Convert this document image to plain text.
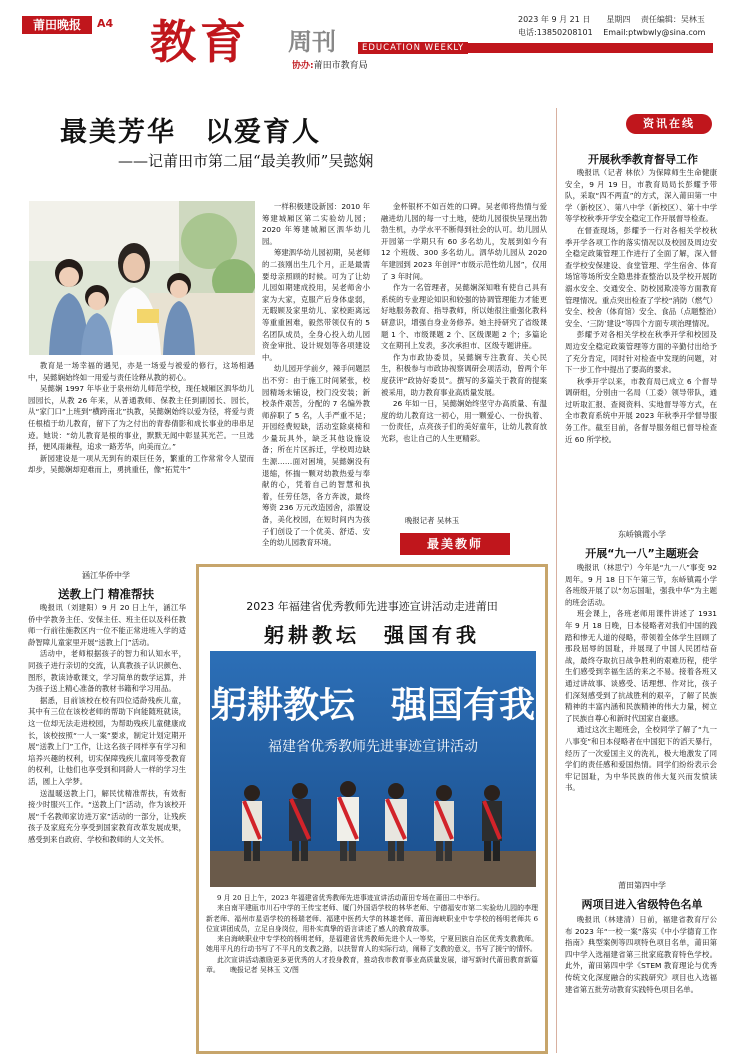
莆田晚报	A4 教育 周刊	EDUCATION WEEKLY
协办:莆田市教育局
2023 年 9 月 21 日　　星期四　 责任编辑：吴林玉
电话:13850208101　 Email:ptwbwly@sina.com
最美芳华　以爱育人
——记莆田市第二届“最美教师”吴懿娴

教育是一场幸福的遇见，亦是一场爱与被爱的修行，这场相遇中，吴懿娴始终如一用爱与责任诠释从教的初心。

吴懿娴 1997 年毕业于泉州幼儿师范学校，现任城厢区泗华幼儿园园长，从教 26 年来，从普通教师、保教主任到副园长、园长，从“家门口”上班到“横跨南北”执教，吴懿娴始终以爱为径，将爱与责任根植于幼儿教育，留下了为之付出的青春倩影和成长事业的串串足迹。她说：“幼儿教育是根的事业，默默无闻中彰显其光芒。一旦选择，便风雨兼程，追求一路芳华，向美而立。”

新园建设是一项从无到有的艰巨任务，繁重的工作常常令人望而却步，吴懿娴却迎难而上，勇挑重任，像“拓荒牛”

一样积极建设新园：2010 年筹建城厢区第二实验幼儿园；2020 年筹建城厢区泗华幼儿园。

筹建泗华幼儿园初期，吴老师的二孩刚出生几个月，正是最需要母亲照顾的时候。可为了让幼儿园如期建成投用，吴老师舍小家为大家，克服产后身体虚弱，无暇顾及家里幼儿、家校距离远等重重困难，毅然带领仅有的 5 名团队成员，全身心投入幼儿园资金审批、设计规划等各项建设中。

幼儿园开学前夕，辣手问题层出不穷：由于施工时间紧张，校园精场未铺设，校门没安装；新校条件艰苦，分配的 7 名编外教师辞职了 5 名，人手严重不足；开园经费短缺，活动室除桌椅和少量玩具外，缺乏其他设施设备；所在片区拆迁，学校周边缺生源……面对困境，吴懿娴没有退缩，怀揣一颗对幼教热爱与奉献的心，凭着自己的智慧和执着，任劳任怨，各方奔波，最终筹资 236 万元改造园舍，添置设备，美化校园，在短时间内为孩子们创设了一个优美、舒适、安全的幼儿园教育环境。

金杯银杯不如百姓的口碑。吴老师将热情与爱融进幼儿园的每一寸土地，使幼儿园很快呈现出勃勃生机，办学水平不断得到社会的认可。幼儿园从开园第一学期只有 60 多名幼儿，发展到如今有 12 个班级、300 多名幼儿。泗华幼儿园从 2020 年建园到 2023 年创评“市级示范性幼儿园”，仅用了 3 年时间。

作为一名管理者，吴懿娴深知唯有使自己具有系统的专业理论知识和较强的协调管理能力才能更好地服务教育、指导教师，所以她很注重强化教科研意识，增强自身业务修养。她主持研究了省级课题 1 个、市级课题 2 个、区级课题 2 个；多篇论文在期刊上发表，多次承担市、区级专题讲座。

作为市政协委员，吴懿娴专注教育、关心民生，积极参与市政协视察调研会项活动，曾两个年度获评“政协好委员”。撰写的多篇关于教育的提案被采用，助力教育事业高质量发展。

26 年如一日，吴懿娴始终坚守办高质量、有温度的幼儿教育这一初心，用一颗爱心、一份执着、一份责任，点亮孩子们的美好童年，让幼儿教育放光彩，也让自己的人生更精彩。

晚报记者 吴林玉
最美教师
资讯在线
开展秋季教育督导工作

晚报讯（记者 林依）为保障师生生命健康安全，9 月 19 日，市教育局局长彭耀予带队，采取“四不两直”的方式，深入莆田第一中学（新校区）、第八中学（新校区）、第十中学等学校秋季开学安全稳定工作开展督导检查。

在督查现场，彭耀予一行对各相关学校秋季开学各项工作的落实情况以及校园及周边安全稳定政策管理工作进行了全面了解，深入督查学校安保建设、食堂管理、学生宿舍、体育场馆等场所安全隐患排查整治以及学校开展防溺水安全、交通安全、防校园欺凌等方面教育管理情况。重点突出检查了学校“消防（燃气）安全、校舍（体育馆）安全、食品（点题整治）安全、‘三防’建设”等四个方面专项治理情况。

彭耀予对各相关学校在秋季开学和校园及周边安全稳定政策管理等方面的辛勤付出给予了充分肯定，同时针对检查中发现的问题，对下一步工作中提出了要高的要求。

秋季开学以来，市教育局已成立 6 个督导调研组，分别由一名局（工委）领导带队，通过听取汇报、查阅资料、实地督导等方式，在全市教育系统中开展 2023 年秋季开学督导服务工作。截至目前，各督导服务组已督导检查近 60 所学校。

东峤镇霞小学
开展“九一八”主题班会

晚报讯（林思宁）今年是“九一八”事变 92 周年。9 月 18 日下午第三节，东峤镇霞小学各班级开展了以“勿忘国耻，强我中华”为主题的班会活动。

班会课上，各班老师用课件讲述了 1931 年 9 月 18 日晚，日本侵略者对我们中国的践踏和惨无人道的侵略，带领着全体学生回顾了那段屈辱的国耻，并展现了中国人民团结奋战，最终夺取抗日战争胜利的艰难历程，使学生们感受到幸福生活的来之不易。接着各班又通过讲故事、谈感受、话理想、作对比，孩子们深刻感受到了抗战胜利的艰辛，了解了民族精神的丰富内涵和民族精神的伟大力量，树立了民族自尊心和新时代国家自豪感。

通过这次主题班会，全校同学了解了“九一八事变”和日本侵略者在中国犯下的滔天暴行，经历了一次爱国主义的洗礼，极大地激发了同学们的责任感和爱国热情。同学们纷纷表示会牢记国耻，为中华民族的伟大复兴而发愤读书。

莆田第四中学
两项目进入省级特色名单

晚报讯（林建清）日前，福建省教育厅公布 2023 年“一校一案”落实《中小学德育工作指南》典型案例等四项特色项目名单，莆田第四中学入选福建省第三批家庭教育特色学校。此外，莆田第四中学《STEM 教育理论与优秀传统文化深度融合的实践研究》项目也入选福建省第五批劳动教育实践特色项目名单。

涵江华侨中学
送教上门 精准帮扶

晚报讯（刘建阳）9 月 20 日上午，涵江华侨中学教务主任、安保主任、班主任以及科任教师一行前往施教区内一位不能正常进班入学的适龄智障儿童家里开展“送教上门”活动。

活动中，老师根据孩子的智力和认知水平，同孩子进行亲切的交流，认真教孩子认识颜色、图形，教读诗歌课文，学习简单的数学运算，并为孩子送上精心准备的教材书籍和学习用品。

据悉，目前该校在校有四位适龄残疾儿童，其中有三位在该校老师的帮助下向能随班就读，这一位却无法走进校园，为帮助残疾儿童健康成长，该校按照“一人一案”要求，制定计划定期开展“送教上门”工作，让这名孩子同样享有学习和培养兴趣的权利，切实保障残疾儿童同等受教育的权利，让他们也享受到和同龄人一样的学习生活，圆上入学梦。

送温暖送教上门，解民忧精准帮扶，有效衔接少时服兴工作。“送教上门”活动，作为该校开展“千名教师家访进万家”活动的一部分，让残疾孩子及家庭充分享受到国家教育改革发展成果，感受到来自政府、学校和教师的人文关怀。

2023 年福建省优秀教师先进事迹宣讲活动走进莆田
躬耕教坛　强国有我
躬耕教坛　强国有我
福建省优秀教师先进事迹宣讲活动

9 月 20 日上午，2023 年福建省优秀教师先进事迹宣讲活动莆田专场在莆田二中举行。

来自南平建瓯市川石中学的王传宝老师、厦门外国语学校的林华老师、宁德福安市第二实验幼儿园的李理新老师、福州市星语学校的杨瑞老师、福建中医药大学的林雄老师、莆田海峡职业中专学校的杨明老师共 6 位宣讲团成员，立足自身岗位，用朴实真挚的语言讲述了感人的教育故事。

来自海峡职业中专学校的杨明老师，是福建省优秀教师先进个人一等奖，宁夏回族自治区优秀支教教师。她用平凡的行动书写了不平凡的支教之路，以扶智育人的实际行动，阐释了支教的意义，书写了援宁的情怀。

此次宣讲活动激励更多更优秀的人才投身教育，推动我市教育事业高质量发展，谱写新时代莆田教育新篇章。　　晚报记者 吴林玉 文/图
